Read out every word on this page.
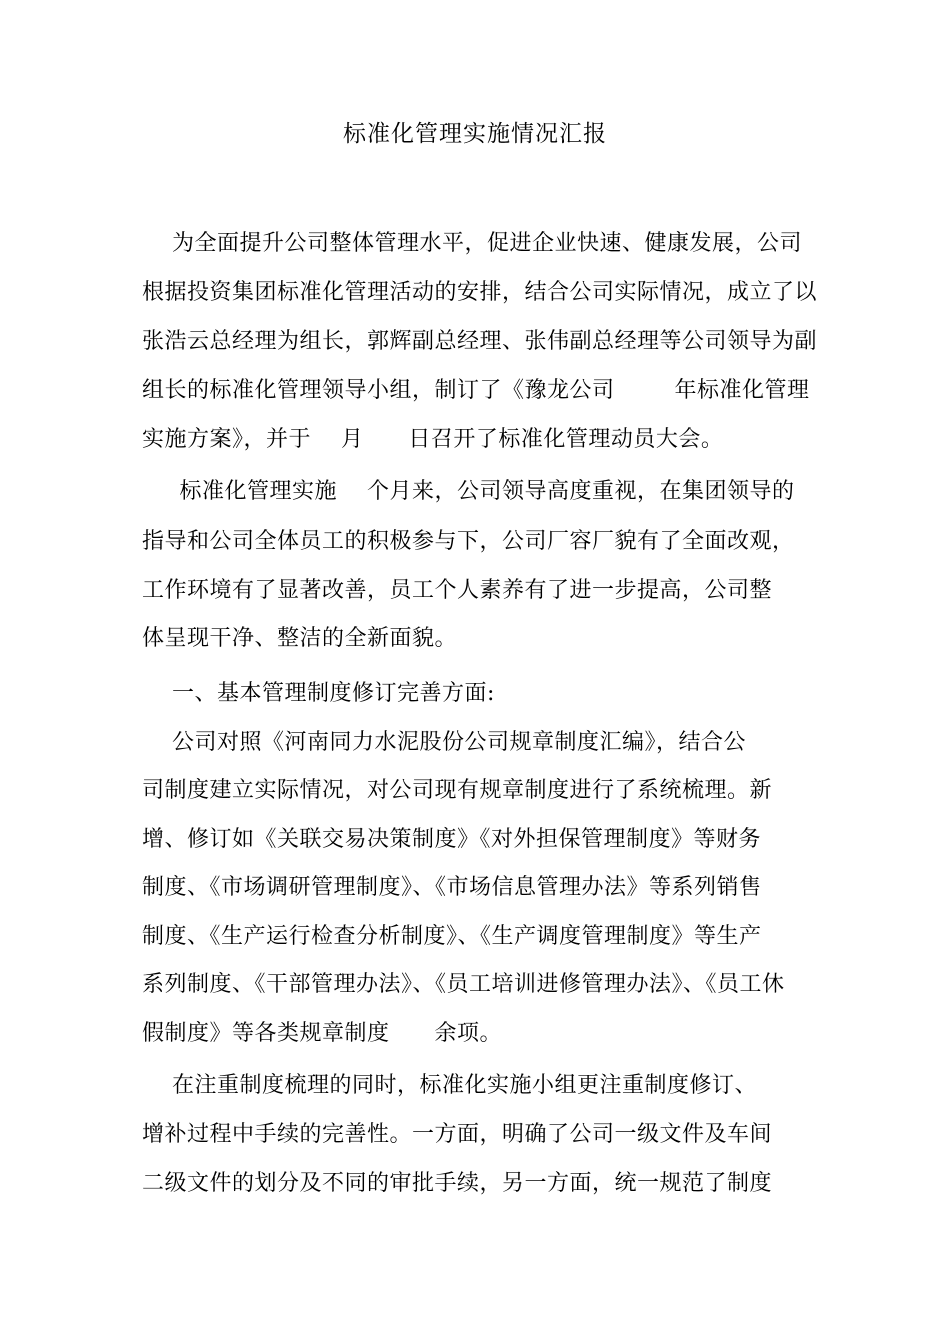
标准化管理实施情况汇报
为全面提升公司整体管理水平，促进企业快速、健康发展，公司
根据投资集团标准化管理活动的安排，结合公司实际情况，成立了以
张浩云总经理为组长，郭辉副总经理、张伟副总经理等公司领导为副
组长的标准化管理领导小组，制订了《豫龙公司        年标准化管理
实施方案》，并于    月      日召开了标准化管理动员大会。
标准化管理实施    个月来，公司领导高度重视，在集团领导的
指导和公司全体员工的积极参与下，公司厂容厂貌有了全面改观，
工作环境有了显著改善，员工个人素养有了进一步提高，公司整
体呈现干净、整洁的全新面貌。
一、基本管理制度修订完善方面:
公司对照《河南同力水泥股份公司规章制度汇编》，结合公
司制度建立实际情况，对公司现有规章制度进行了系统梳理。新
增、修订如《关联交易决策制度》《对外担保管理制度》等财务
制度、《市场调研管理制度》、《市场信息管理办法》等系列销售
制度、《生产运行检查分析制度》、《生产调度管理制度》等生产
系列制度、《干部管理办法》、《员工培训进修管理办法》、《员工休
假制度》等各类规章制度      余项。
在注重制度梳理的同时，标准化实施小组更注重制度修订、
增补过程中手续的完善性。一方面，明确了公司一级文件及车间
二级文件的划分及不同的审批手续，另一方面，统一规范了制度
